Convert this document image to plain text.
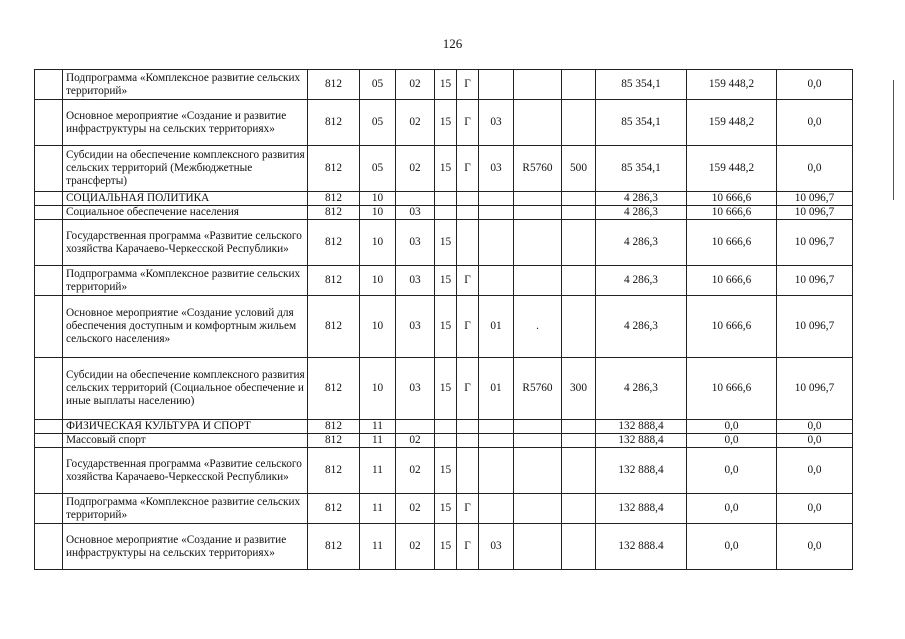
126
	Подпрограмма «Комплексное развитие сельских территорий»	812	05	02	15	Г				85 354,1	159 448,2	0,0
	Основное мероприятие «Создание и развитие инфраструктуры на сельских территориях»	812	05	02	15	Г	03			85 354,1	159 448,2	0,0
	Субсидии на обеспечение комплексного развития сельских территорий (Межбюджетные трансферты)	812	05	02	15	Г	03	R5760	500	85 354,1	159 448,2	0,0
	СОЦИАЛЬНАЯ ПОЛИТИКА	812	10							4 286,3	10 666,6	10 096,7
	Социальное обеспечение населения	812	10	03						4 286,3	10 666,6	10 096,7
	Государственная программа «Развитие сельского хозяйства Карачаево-Черкесской Республики»	812	10	03	15					4 286,3	10 666,6	10 096,7
	Подпрограмма «Комплексное развитие сельских территорий»	812	10	03	15	Г				4 286,3	10 666,6	10 096,7
	Основное мероприятие «Создание условий для обеспечения доступным и комфортным жильем сельского населения»	812	10	03	15	Г	01	.		4 286,3	10 666,6	10 096,7
	Субсидии на обеспечение комплексного развития сельских территорий (Социальное обеспечение и иные выплаты населению)	812	10	03	15	Г	01	R5760	300	4 286,3	10 666,6	10 096,7
	ФИЗИЧЕСКАЯ КУЛЬТУРА И СПОРТ	812	11							132 888,4	0,0	0,0
	Массовый спорт	812	11	02						132 888,4	0,0	0,0
	Государственная программа «Развитие сельского хозяйства Карачаево-Черкесской Республики»	812	11	02	15					132 888,4	0,0	0,0
	Подпрограмма «Комплексное развитие сельских территорий»	812	11	02	15	Г				132 888,4	0,0	0,0
	Основное мероприятие «Создание и развитие инфраструктуры на сельских территориях»	812	11	02	15	Г	03			132 888.4	0,0	0,0
